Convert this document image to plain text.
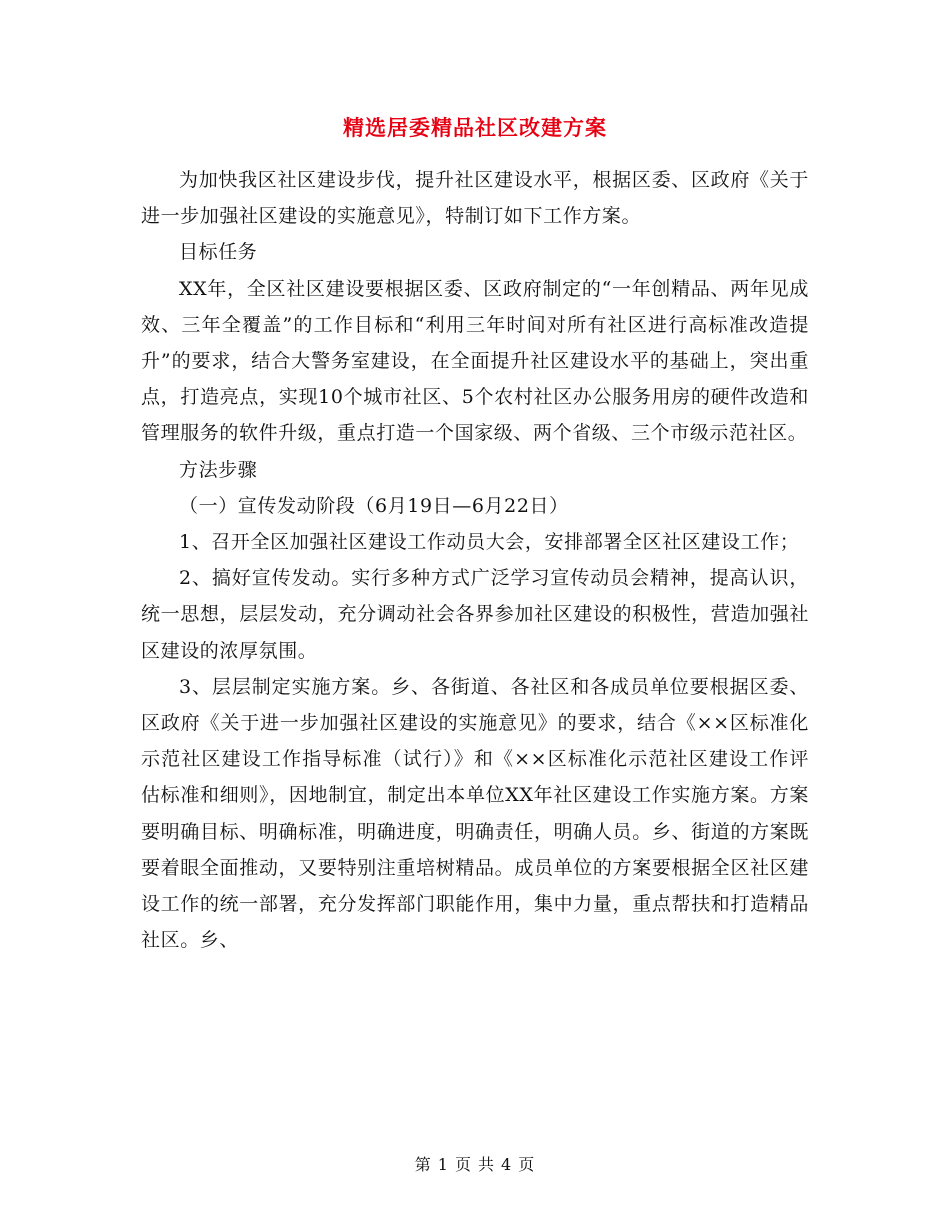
精选居委精品社区改建方案

为加快我区社区建设步伐，提升社区建设水平，根据区委、区政府《关于进一步加强社区建设的实施意见》，特制订如下工作方案。

目标任务

XX年，全区社区建设要根据区委、区政府制定的“一年创精品、两年见成效、三年全覆盖”的工作目标和“利用三年时间对所有社区进行高标准改造提升”的要求，结合大警务室建设，在全面提升社区建设水平的基础上，突出重点，打造亮点，实现10个城市社区、5个农村社区办公服务用房的硬件改造和管理服务的软件升级，重点打造一个国家级、两个省级、三个市级示范社区。

方法步骤

（一）宣传发动阶段（6月19日—6月22日）

1、召开全区加强社区建设工作动员大会，安排部署全区社区建设工作；

2、搞好宣传发动。实行多种方式广泛学习宣传动员会精神，提高认识，统一思想，层层发动，充分调动社会各界参加社区建设的积极性，营造加强社区建设的浓厚氛围。

3、层层制定实施方案。乡、各街道、各社区和各成员单位要根据区委、区政府《关于进一步加强社区建设的实施意见》的要求，结合《××区标准化示范社区建设工作指导标准（试行）》和《××区标准化示范社区建设工作评估标准和细则》，因地制宜，制定出本单位XX年社区建设工作实施方案。方案要明确目标、明确标准，明确进度，明确责任，明确人员。乡、街道的方案既要着眼全面推动，又要特别注重培树精品。成员单位的方案要根据全区社区建设工作的统一部署，充分发挥部门职能作用，集中力量，重点帮扶和打造精品社区。乡、

第 1 页 共 4 页
